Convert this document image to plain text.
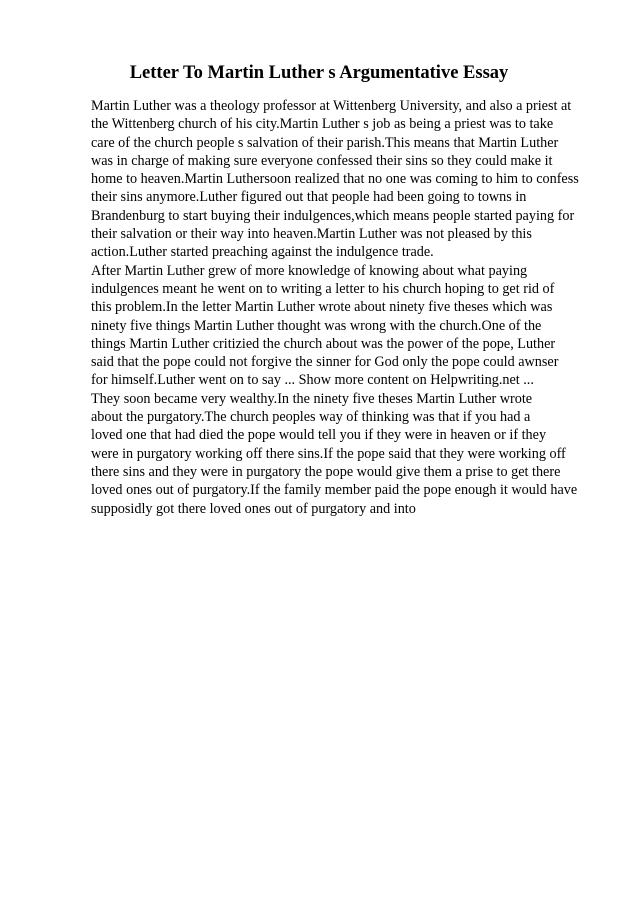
Letter To Martin Luther s Argumentative Essay
Martin Luther was a theology professor at Wittenberg University, and also a priest at
the Wittenberg church of his city.Martin Luther s job as being a priest was to take
care of the church people s salvation of their parish.This means that Martin Luther
was in charge of making sure everyone confessed their sins so they could make it
home to heaven.Martin Luthersoon realized that no one was coming to him to confess
their sins anymore.Luther figured out that people had been going to towns in
Brandenburg to start buying their indulgences,which means people started paying for
their salvation or their way into heaven.Martin Luther was not pleased by this
action.Luther started preaching against the indulgence trade.
After Martin Luther grew of more knowledge of knowing about what paying
indulgences meant he went on to writing a letter to his church hoping to get rid of
this problem.In the letter Martin Luther wrote about ninety five theses which was
ninety five things Martin Luther thought was wrong with the church.One of the
things Martin Luther critizied the church about was the power of the pope, Luther
said that the pope could not forgive the sinner for God only the pope could awnser
for himself.Luther went on to say ... Show more content on Helpwriting.net ...
They soon became very wealthy.In the ninety five theses Martin Luther wrote
about the purgatory.The church peoples way of thinking was that if you had a
loved one that had died the pope would tell you if they were in heaven or if they
were in purgatory working off there sins.If the pope said that they were working off
there sins and they were in purgatory the pope would give them a prise to get there
loved ones out of purgatory.If the family member paid the pope enough it would have
supposidly got there loved ones out of purgatory and into
